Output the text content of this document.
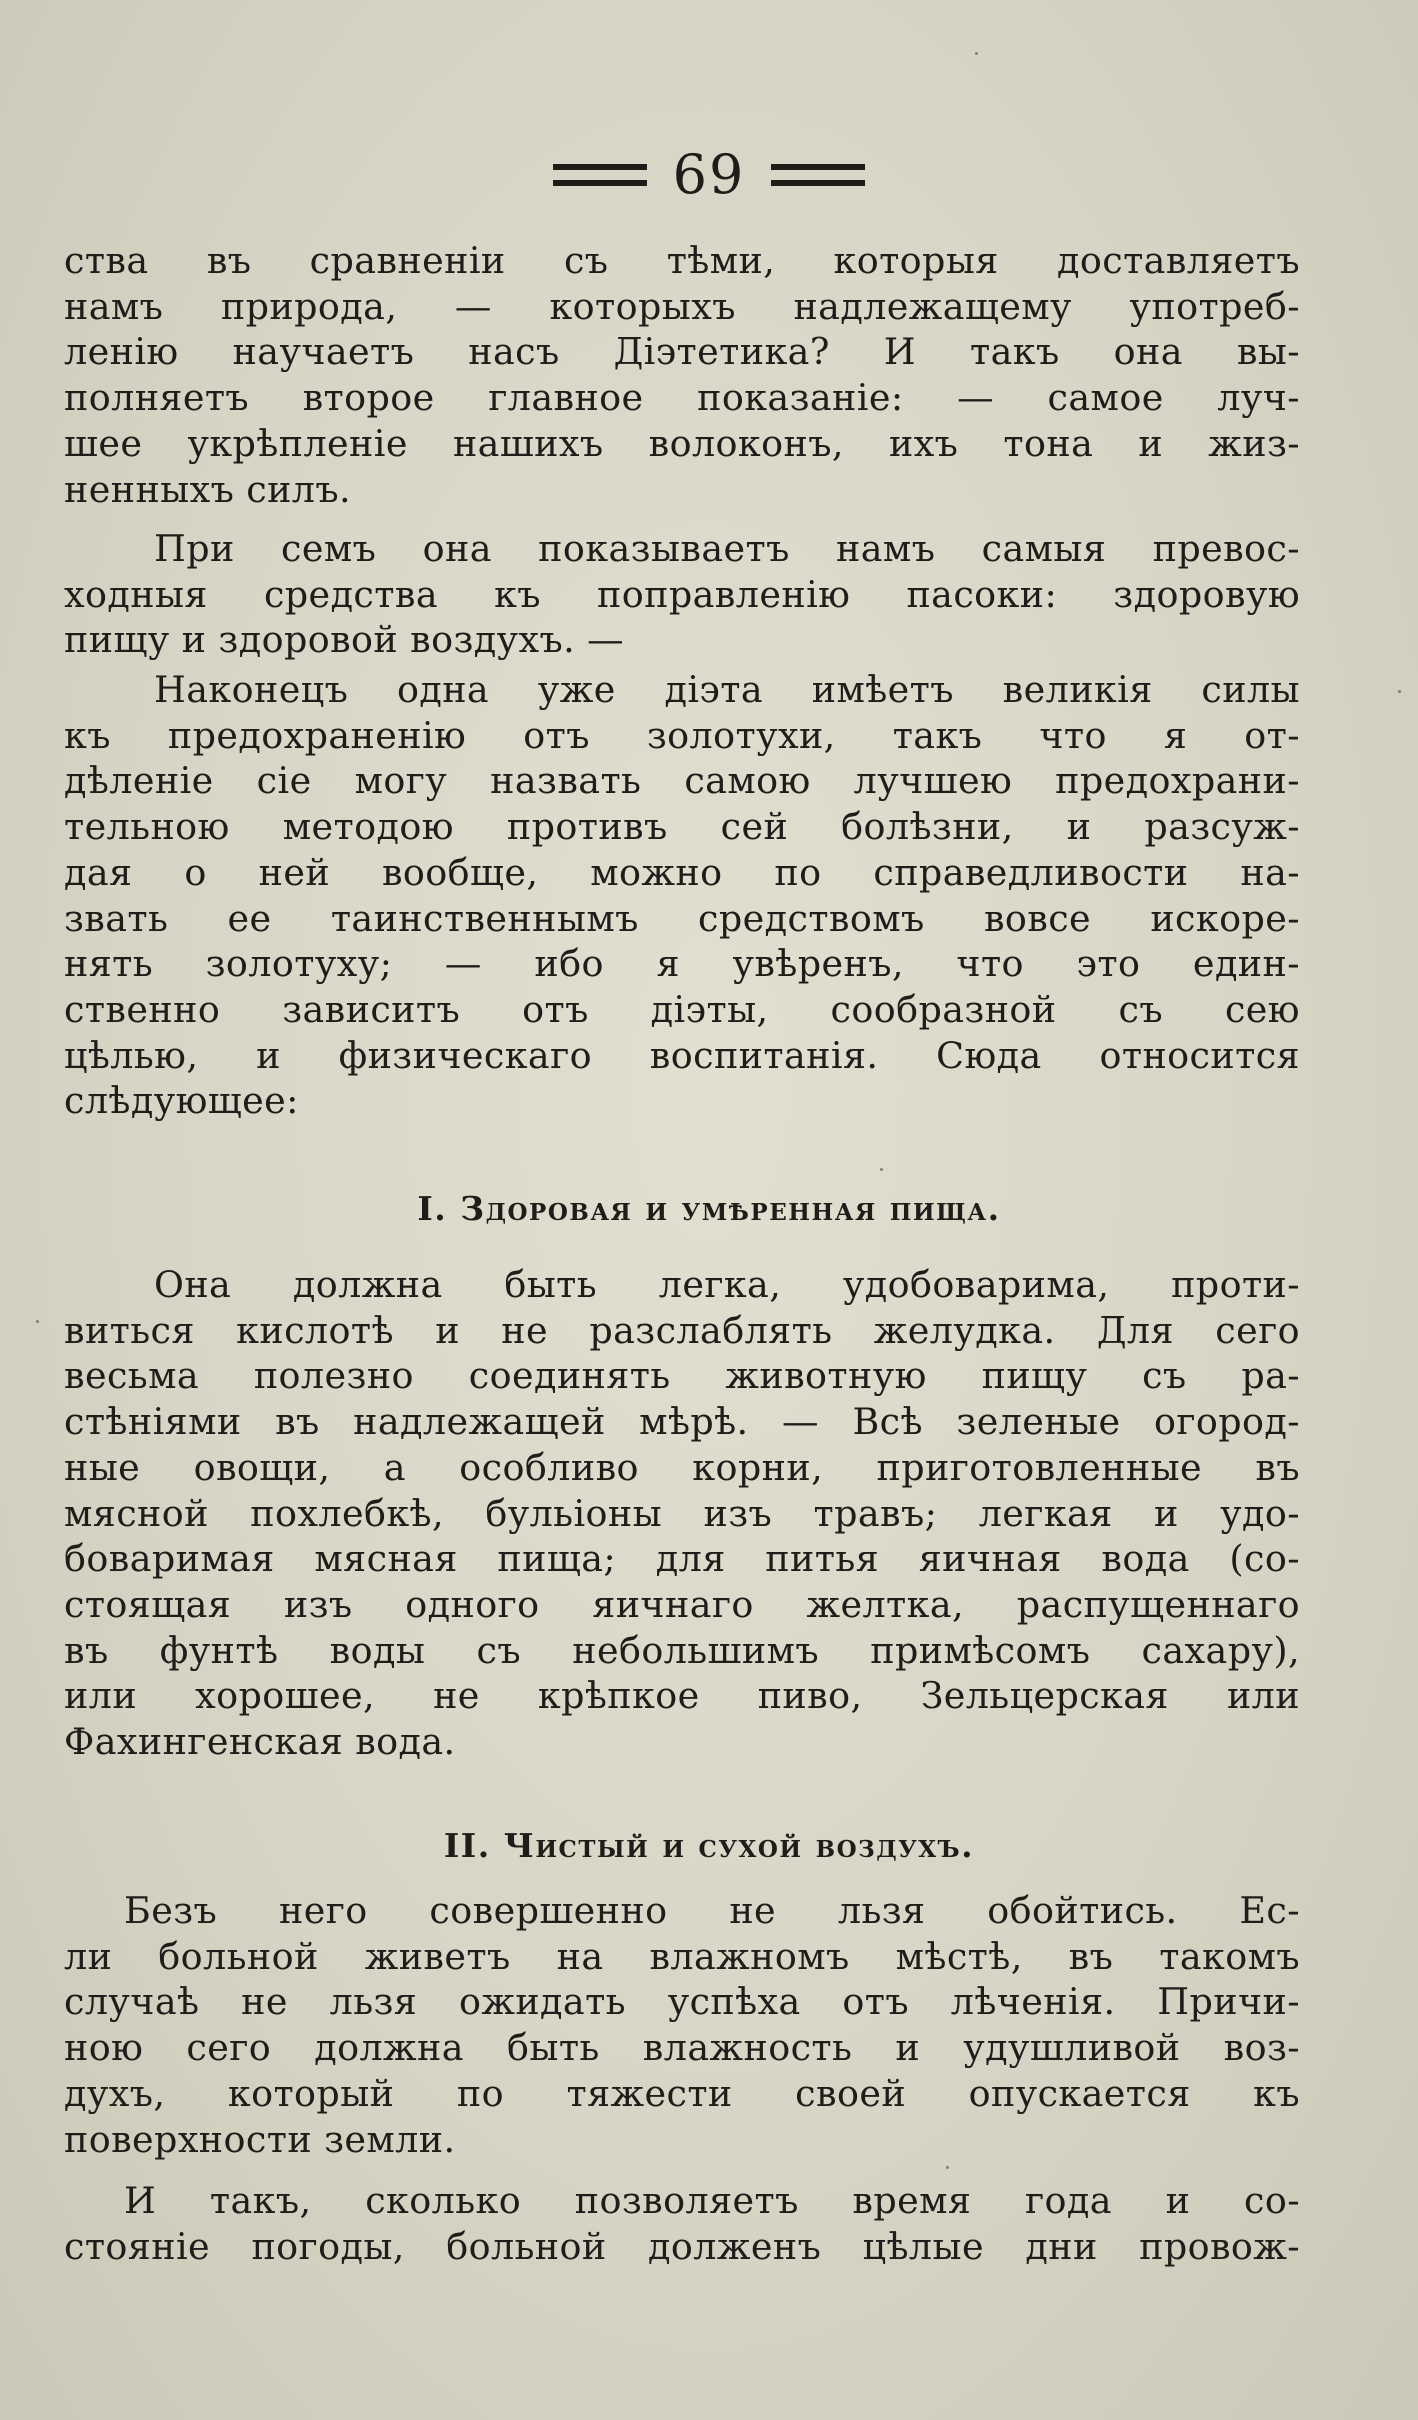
69

ства въ сравненіи съ тѣми, которыя доставляетъ

намъ природа, — которыхъ надлежащему употреб-

ленію научаетъ насъ Діэтетика? И такъ она вы-

полняетъ второе главное показаніе: — самое луч-

шее укрѣпленіе нашихъ волоконъ, ихъ тона и жиз-

ненныхъ силъ.

При семъ она показываетъ намъ самыя превос-

ходныя средства къ поправленію пасоки: здоровую

пищу и здоровой воздухъ. —

Наконецъ одна уже діэта имѣетъ великія силы

къ предохраненію отъ золотухи, такъ что я от-

дѣленіе сіе могу назвать самою лучшею предохрани-

тельною методою противъ сей болѣзни, и разсуж-

дая о ней вообще, можно по справедливости на-

звать ее таинственнымъ средствомъ вовсе искоре-

нять золотуху; — ибо я увѣренъ, что это един-

ственно зависитъ отъ діэты, сообразной съ сею

цѣлью, и физическаго воспитанія. Сюда относится

слѣдующее:

I. Здоровая и умѣренная пища.

Она должна быть легка, удобоварима, проти-

виться кислотѣ и не разслаблять желудка. Для сего

весьма полезно соединять животную пищу съ ра-

стѣніями въ надлежащей мѣрѣ. — Всѣ зеленые огород-

ные овощи, а особливо корни, приготовленные въ

мясной похлебкѣ, бульіоны изъ травъ; легкая и удо-

боваримая мясная пища; для питья яичная вода (со-

стоящая изъ одного яичнаго желтка, распущеннаго

въ фунтѣ воды съ небольшимъ примѣсомъ сахару),

или хорошее, не крѣпкое пиво, Зельцерская или

Фахингенская вода.

II. Чистый и сухой воздухъ.

Безъ него совершенно не льзя обойтись. Ес-

ли больной живетъ на влажномъ мѣстѣ, въ такомъ

случаѣ не льзя ожидать успѣха отъ лѣченія. Причи-

ною сего должна быть влажность и удушливой воз-

духъ, который по тяжести своей опускается къ

поверхности земли.

И такъ, сколько позволяетъ время года и со-

стояніе погоды, больной долженъ цѣлые дни провож-
